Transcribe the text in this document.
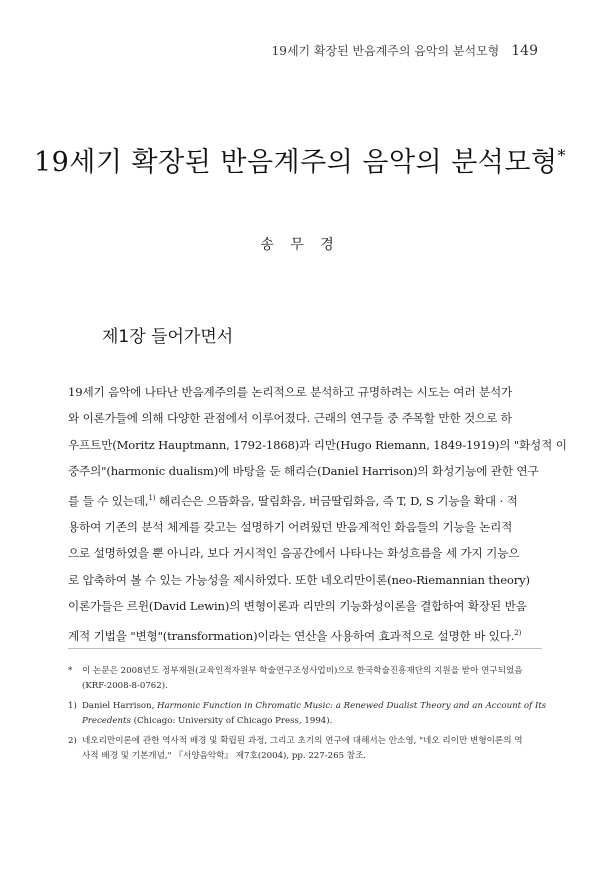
19세기 확장된 반음계주의 음악의 분석모형 149
19세기 확장된 반음계주의 음악의 분석모형*
송 무 경
제1장 들어가면서
19세기 음악에 나타난 반음계주의를 논리적으로 분석하고 규명하려는 시도는 여러 분석가
와 이론가들에 의해 다양한 관점에서 이루어졌다. 근래의 연구들 중 주목할 만한 것으로 하
우프트만(Moritz Hauptmann, 1792-1868)과 리만(Hugo Riemann, 1849-1919)의 "화성적 이
중주의"(harmonic dualism)에 바탕을 둔 해리슨(Daniel Harrison)의 화성기능에 관한 연구
를 들 수 있는데,$^{1)}$ 해리슨은 으뜸화음, 딸림화음, 버금딸림화음, 즉 T, D, S 기능을 확대 · 적
용하여 기존의 분석 체계를 갖고는 설명하기 어려웠던 반음계적인 화음들의 기능을 논리적
으로 설명하였을 뿐 아니라, 보다 거시적인 음공간에서 나타나는 화성흐름을 세 가지 기능으
로 압축하여 볼 수 있는 가능성을 제시하였다. 또한 네오리만이론(neo-Riemannian theory)
이론가들은 르윈(David Lewin)의 변형이론과 리만의 기능화성이론을 결합하여 확장된 반음
계적 기법을 "변형"(transformation)이라는 연산을 사용하여 효과적으로 설명한 바 있다.$^{2)}$
* 이 논문은 2008년도 정부재원(교육인적자원부 학술연구조성사업비)으로 한국학술진흥재단의 지원을 받아 연구되었음
(KRF-2008-8-0762).
1) Daniel Harrison, Harmonic Function in Chromatic Music: a Renewed Dualist Theory and an Account of Its
Precedents (Chicago: University of Chicago Press, 1994).
2) 네오리만이론에 관한 역사적 배경 및 확립된 과정, 그리고 초기의 연구에 대해서는 안소영, "네오 리이만 변형이론의 역
사적 배경 및 기본개념," 『서양음악학』 제7호(2004), pp. 227-265 참조.
